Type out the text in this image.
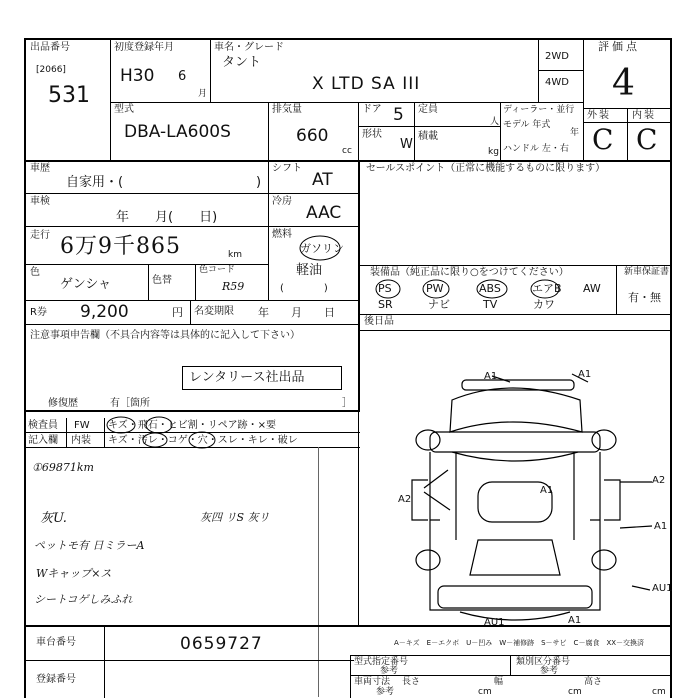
出品番号
[2066]
531
初度登録年月
H30 6
月
車名・グレード
タント
X LTD SA III
2WD
4WD
評価点
4
外装 内装
C C
型式
DBA-LA600S
排気量
660
cc
ドア 5
形状
W
定員
人
積載
kg
ディーラー・並行
モデル 年式
年
ハンドル 左・右
車歴
自家用・(	)
シフト
AT
車検
年　　月(　　日)
冷房
AAC
走行 6万9千865	km
燃料
ガソリン
軽油
(　　　　)
色
ゲンシャ	色替
色コード
R59
R券 9,200	円 名変期限 年　　月　　日
注意事項申告欄（不具合内容等は具体的に記入して下さい）
レンタリース社出品
修復歴	有［箇所	］
セールスポイント（正常に機能するものに限ります）
装備品（純正品に限り○をつけてください）	新車保証書
有・無
PS	PW	ABS	エアB AW
SR	ナビ	TV	カワ
後日品
検査員 FW キズ・飛石・ヒビ割・リペア跡・×要
記入欄 内装 キズ・汚レ・コゲ・穴・スレ・キレ・破レ
①69871km
灰U.
ペットモ有 日ミラーA
Wキャップ×ス
シートコゲしみふれ
灰四 リS 灰リ
A1	A1
A2
A1
A2
A1
AU1
AU1	A1
A－キズ　E－エクボ　U－凹み　W－補修跡　S－サビ　C－腐食　XX－交換済
車台番号	0659727
登録番号
型式指定番号
参考
類別区分番号
参考
車両寸法
参考
長さ
cm
幅
cm
高さ
cm
